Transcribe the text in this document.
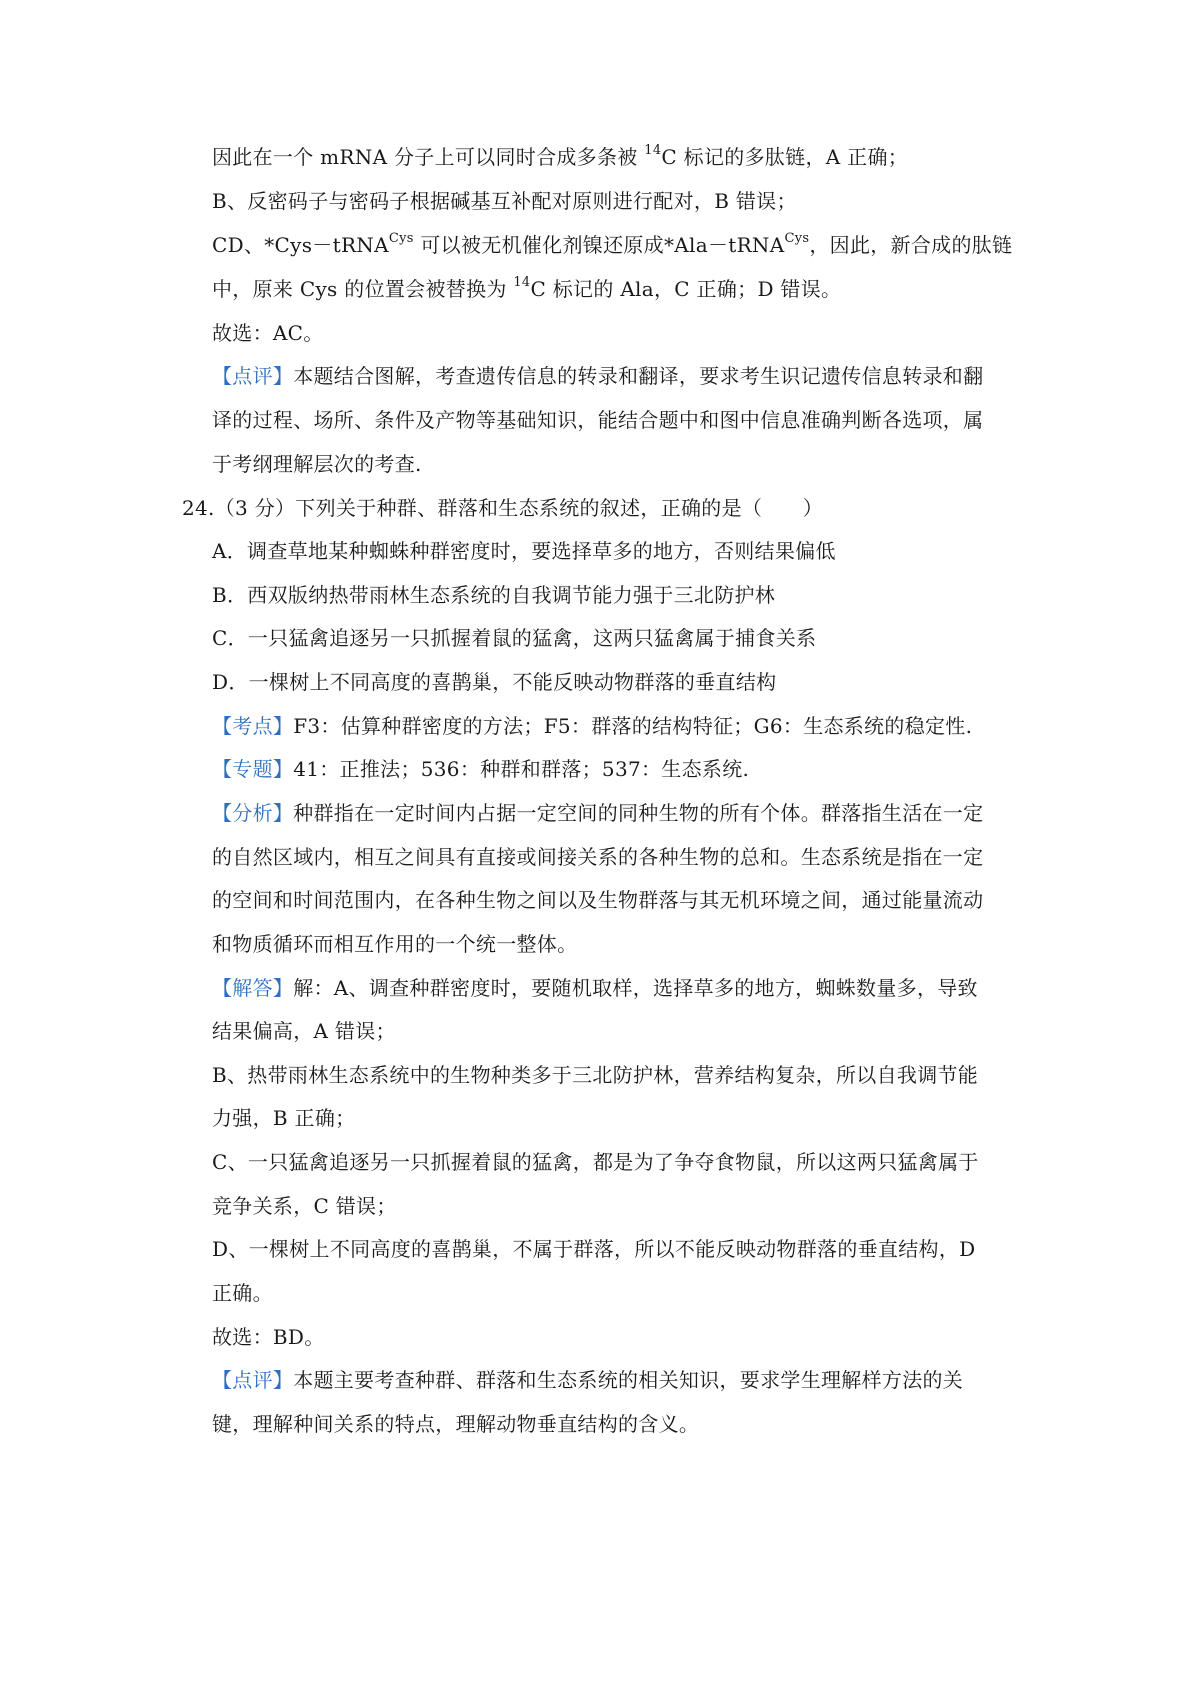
因此在一个 mRNA 分子上可以同时合成多条被 $^{14}$C 标记的多肽链，A 正确；
B、反密码子与密码子根据碱基互补配对原则进行配对，B 错误；
CD、*Cys－tRNA$^{Cys}$ 可以被无机催化剂镍还原成*Ala－tRNA$^{Cys}$，因此，新合成的肽链
中，原来 Cys 的位置会被替换为 $^{14}$C 标记的 Ala，C 正确；D 错误。
故选：AC。
【点评】本题结合图解，考查遗传信息的转录和翻译，要求考生识记遗传信息转录和翻
译的过程、场所、条件及产物等基础知识，能结合题中和图中信息准确判断各选项，属
于考纲理解层次的考查.
24.（3 分）下列关于种群、群落和生态系统的叙述，正确的是（　　）
A．调查草地某种蜘蛛种群密度时，要选择草多的地方，否则结果偏低
B．西双版纳热带雨林生态系统的自我调节能力强于三北防护林
C．一只猛禽追逐另一只抓握着鼠的猛禽，这两只猛禽属于捕食关系
D．一棵树上不同高度的喜鹊巢，不能反映动物群落的垂直结构
【考点】F3：估算种群密度的方法；F5：群落的结构特征；G6：生态系统的稳定性.
【专题】41：正推法；536：种群和群落；537：生态系统.
【分析】种群指在一定时间内占据一定空间的同种生物的所有个体。群落指生活在一定
的自然区域内，相互之间具有直接或间接关系的各种生物的总和。生态系统是指在一定
的空间和时间范围内，在各种生物之间以及生物群落与其无机环境之间，通过能量流动
和物质循环而相互作用的一个统一整体。
【解答】解：A、调查种群密度时，要随机取样，选择草多的地方，蜘蛛数量多，导致
结果偏高，A 错误；
B、热带雨林生态系统中的生物种类多于三北防护林，营养结构复杂，所以自我调节能
力强，B 正确；
C、一只猛禽追逐另一只抓握着鼠的猛禽，都是为了争夺食物鼠，所以这两只猛禽属于
竞争关系，C 错误；
D、一棵树上不同高度的喜鹊巢，不属于群落，所以不能反映动物群落的垂直结构，D
正确。
故选：BD。
【点评】本题主要考查种群、群落和生态系统的相关知识，要求学生理解样方法的关
键，理解种间关系的特点，理解动物垂直结构的含义。
